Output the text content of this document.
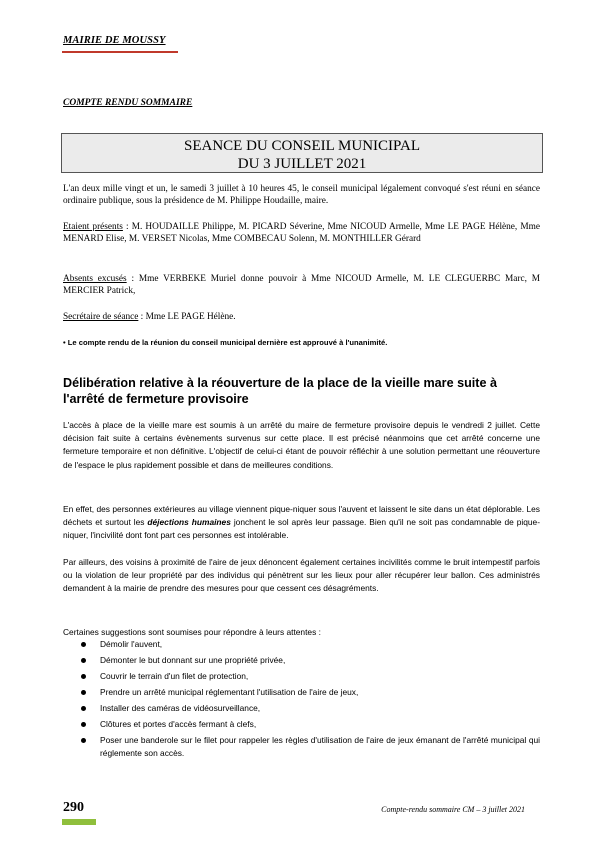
MAIRIE DE MOUSSY
COMPTE RENDU SOMMAIRE
SEANCE DU CONSEIL MUNICIPAL
DU 3 JUILLET 2021
L'an deux mille vingt et un, le samedi 3 juillet à 10 heures 45, le conseil municipal légalement convoqué s'est réuni en séance ordinaire publique, sous la présidence de M. Philippe Houdaille, maire.
Etaient présents : M. HOUDAILLE Philippe, M. PICARD Séverine, Mme NICOUD Armelle, Mme LE PAGE Hélène, Mme MENARD Elise, M. VERSET Nicolas, Mme COMBECAU Solenn, M. MONTHILLER Gérard
Absents excusés : Mme VERBEKE Muriel donne pouvoir à Mme NICOUD Armelle, M. LE CLEGUERBC Marc, M MERCIER Patrick,
Secrétaire de séance : Mme LE PAGE Hélène.
• Le compte rendu de la réunion du conseil municipal dernière est approuvé à l'unanimité.
Délibération relative à la réouverture de la place de la vieille mare suite à l'arrêté de fermeture provisoire
L'accès à place de la vieille mare est soumis à un arrêté du maire de fermeture provisoire depuis le vendredi 2 juillet. Cette décision fait suite à certains évènements survenus sur cette place. Il est précisé néanmoins que cet arrêté concerne une fermeture temporaire et non définitive. L'objectif de celui-ci étant de pouvoir réfléchir à une solution permettant une réouverture de l'espace le plus rapidement possible et dans de meilleures conditions.
En effet, des personnes extérieures au village viennent pique-niquer sous l'auvent et laissent le site dans un état déplorable. Les déchets et surtout les déjections humaines jonchent le sol après leur passage. Bien qu'il ne soit pas condamnable de pique-niquer, l'incivilité dont font part ces personnes est intolérable.
Par ailleurs, des voisins à proximité de l'aire de jeux dénoncent également certaines incivilités comme le bruit intempestif parfois ou la violation de leur propriété par des individus qui pénètrent sur les lieux pour aller récupérer leur ballon. Ces administrés demandent à la mairie de prendre des mesures pour que cessent ces désagréments.
Certaines suggestions sont soumises pour répondre à leurs attentes :
Démolir l'auvent,
Démonter le but donnant sur une propriété privée,
Couvrir le terrain d'un filet de protection,
Prendre un arrêté municipal réglementant l'utilisation de l'aire de jeux,
Installer des caméras de vidéosurveillance,
Clôtures et portes d'accès fermant à clefs,
Poser une banderole sur le filet pour rappeler les règles d'utilisation de l'aire de jeux émanant de l'arrêté municipal qui réglemente son accès.
290	Compte-rendu sommaire CM – 3 juillet 2021
